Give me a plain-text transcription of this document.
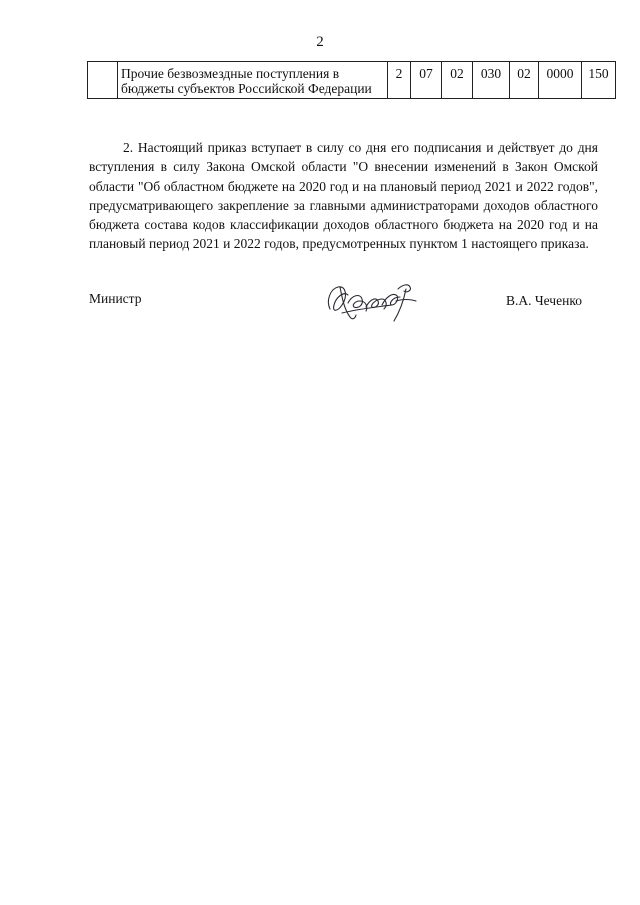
2
	Прочие безвозмездные поступления в бюджеты субъектов Российской Федерации	2	07	02	030	02	0000	150

2. Настоящий приказ вступает в силу со дня его подписания и действует до дня вступления в силу Закона Омской области "О внесении изменений в Закон Омской области "Об областном бюджете на 2020 год и на плановый период 2021 и 2022 годов", предусматривающего закрепление за главными администраторами доходов областного бюджета состава кодов классификации доходов областного бюджета на 2020 год и на плановый период 2021 и 2022 годов, предусмотренных пунктом 1 настоящего приказа.

Министр	В.А. Чеченко
